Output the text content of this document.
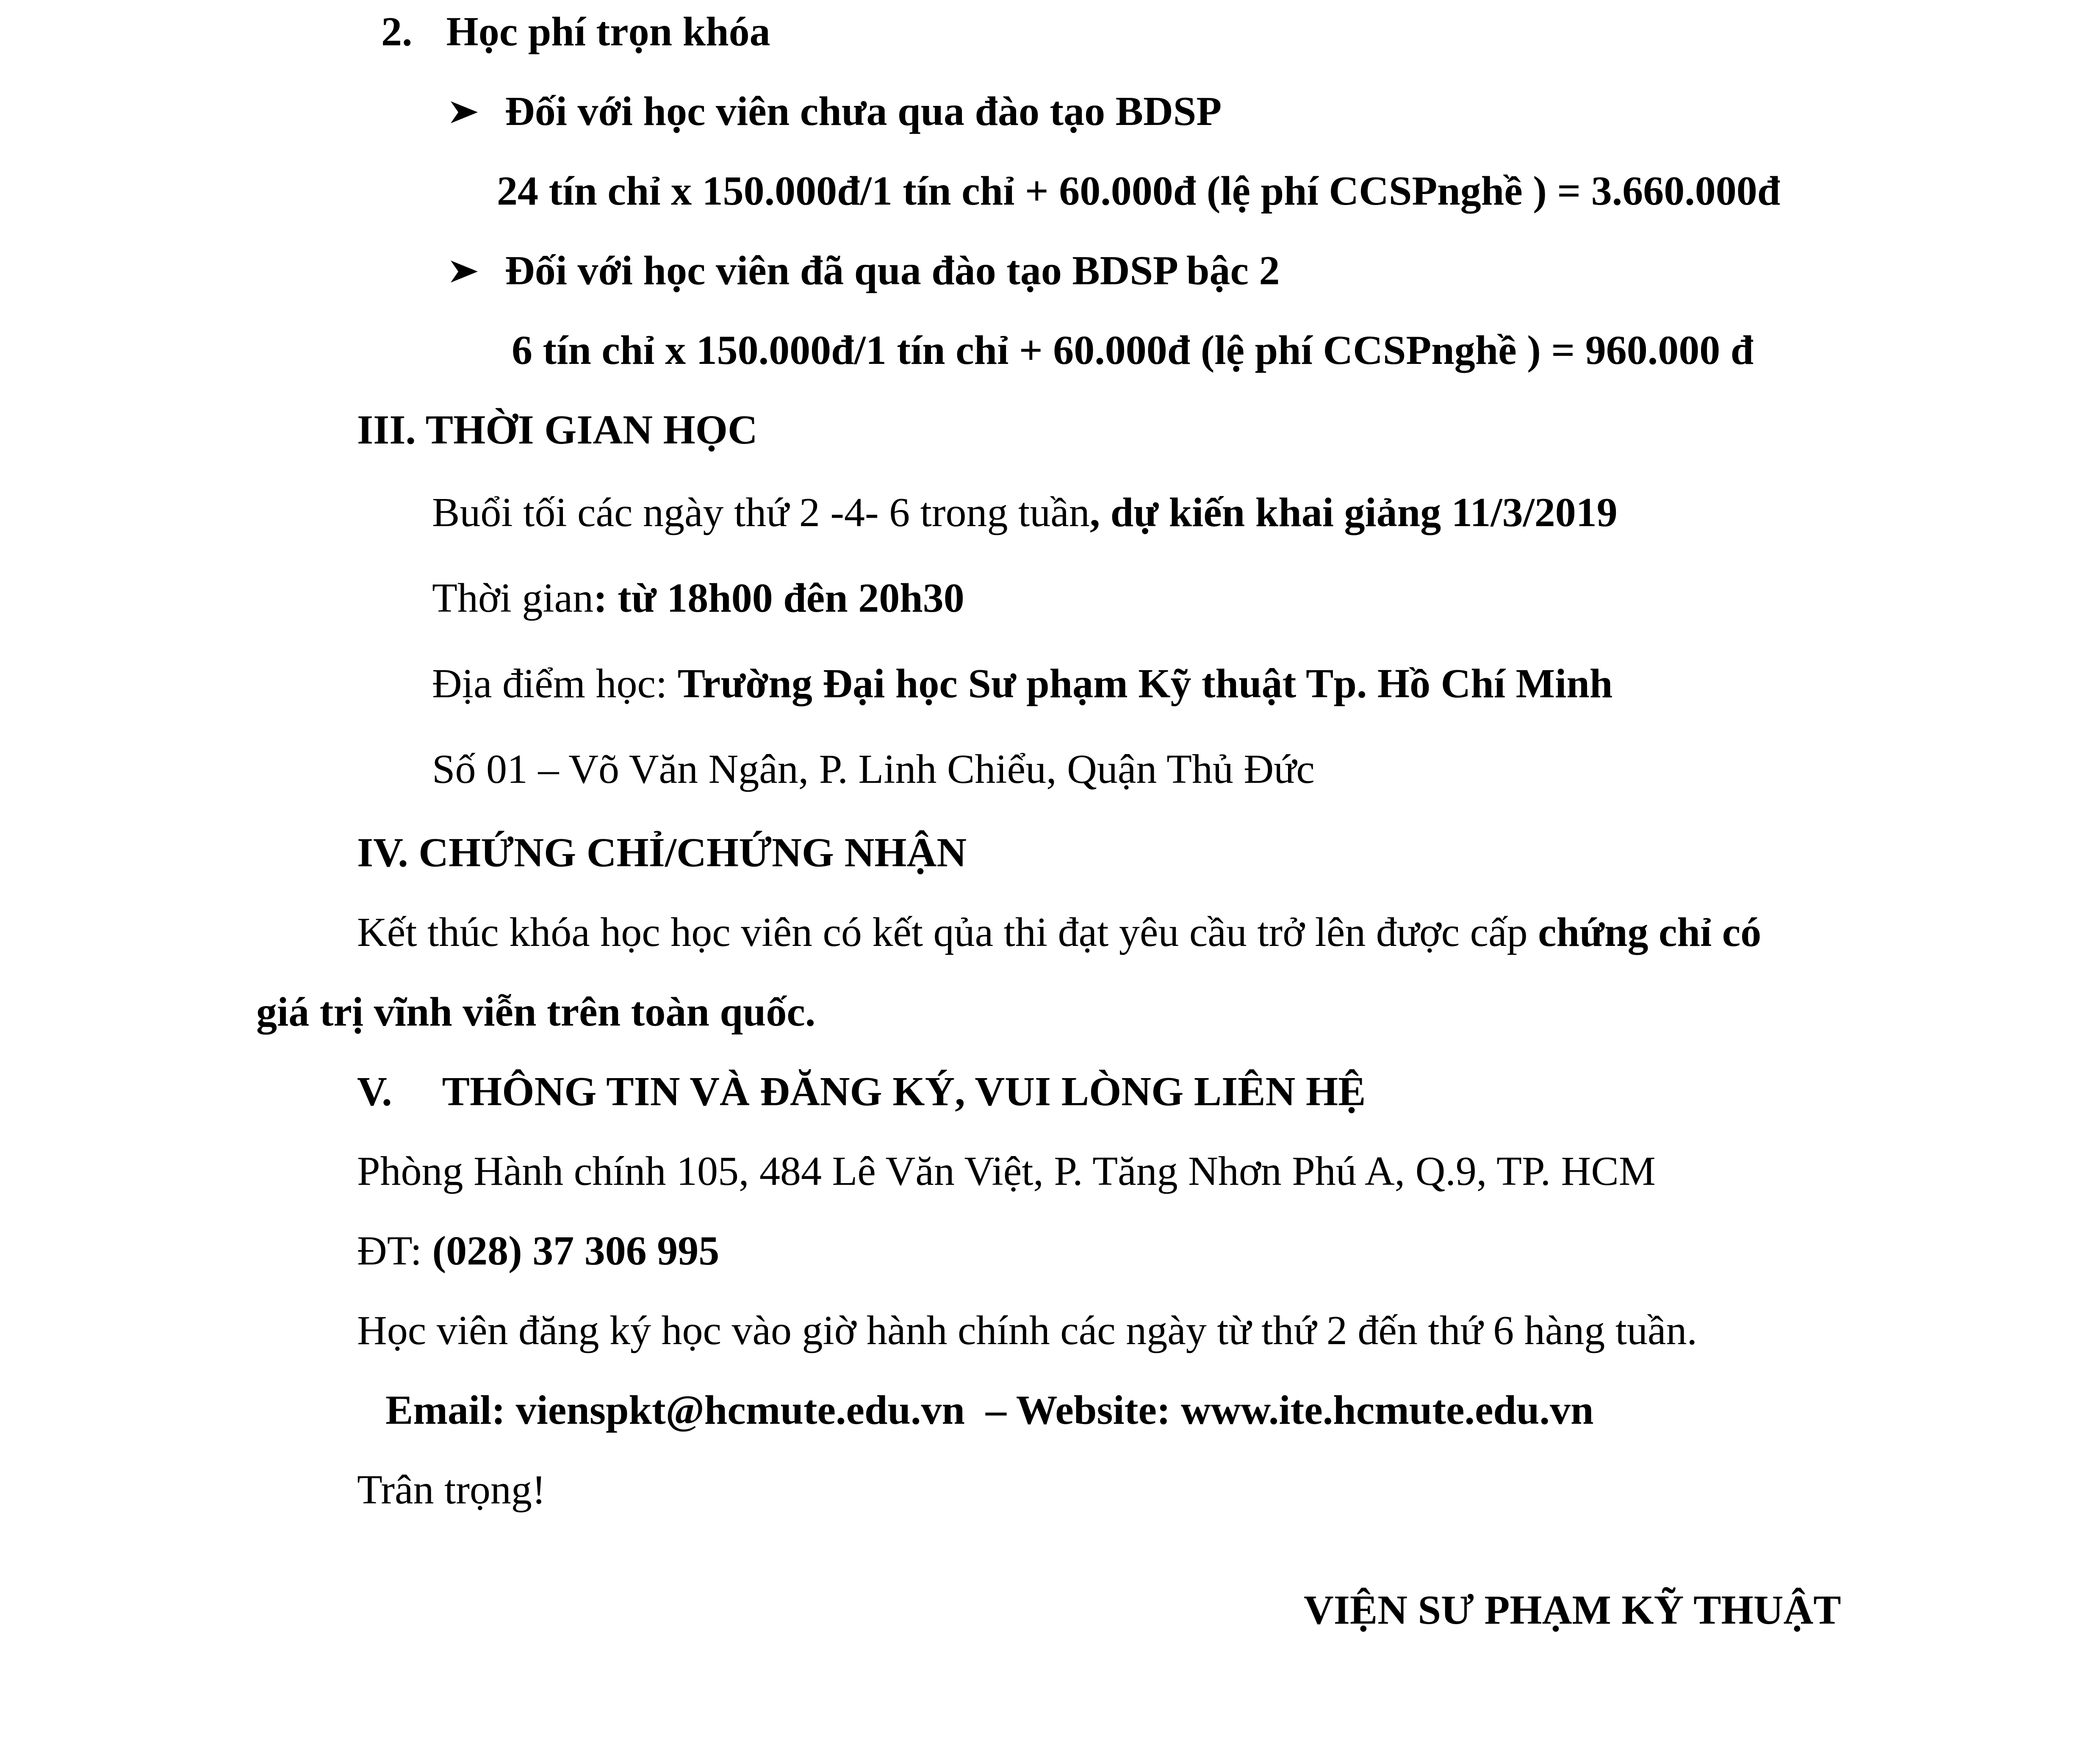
2. Học phí trọn khóa
Đối với học viên chưa qua đào tạo BDSP
24 tín chỉ x 150.000đ/1 tín chỉ + 60.000đ (lệ phí CCSPnghề ) = 3.660.000đ
Đối với học viên đã qua đào tạo BDSP bậc 2
6 tín chỉ x 150.000đ/1 tín chỉ + 60.000đ (lệ phí CCSPnghề ) = 960.000 đ
III. THỜI GIAN HỌC
Buổi tối các ngày thứ 2 -4- 6 trong tuần, dự kiến khai giảng 11/3/2019
Thời gian: từ 18h00 đên 20h30
Địa điểm học: Trường Đại học Sư phạm Kỹ thuật Tp. Hồ Chí Minh
Số 01 – Võ Văn Ngân, P. Linh Chiểu, Quận Thủ Đức
IV. CHỨNG CHỈ/CHỨNG NHẬN
Kết thúc khóa học học viên có kết qủa thi đạt yêu cầu trở lên được cấp chứng chỉ có
giá trị vĩnh viễn trên toàn quốc.
V. THÔNG TIN VÀ ĐĂNG KÝ, VUI LÒNG LIÊN HỆ
Phòng Hành chính 105, 484 Lê Văn Việt, P. Tăng Nhơn Phú A, Q.9, TP. HCM
ĐT: (028) 37 306 995
Học viên đăng ký học vào giờ hành chính các ngày từ thứ 2 đến thứ 6 hàng tuần.
Email: vienspkt@hcmute.edu.vn  – Website: www.ite.hcmute.edu.vn
Trân trọng!
VIỆN SƯ PHẠM KỸ THUẬT
